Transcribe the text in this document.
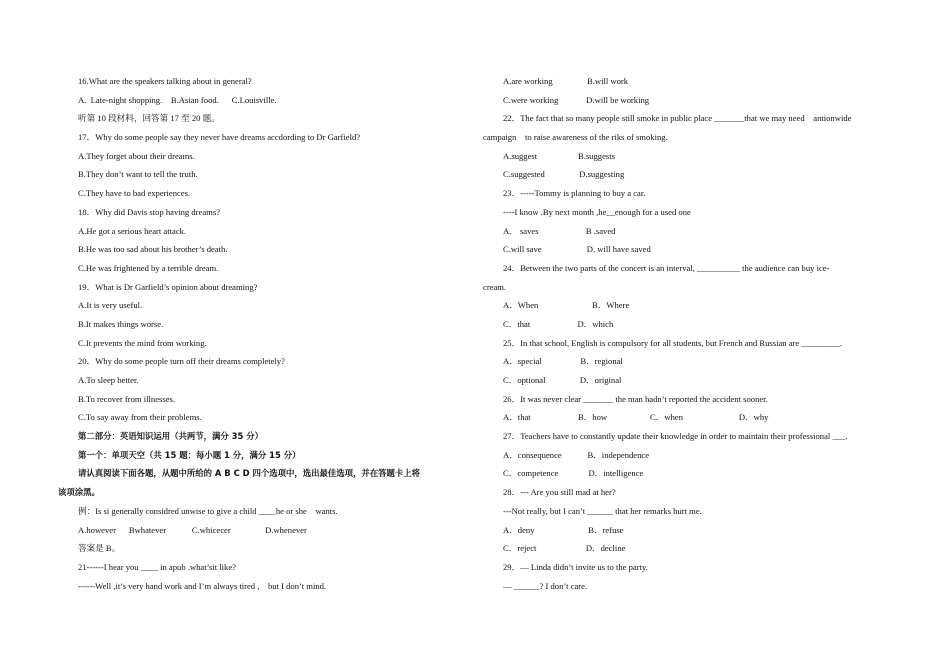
16.What are the speakers talking about in general?
A.  Late-night shopping.    B.Asian food.      C.Louisville.
听第 10 段材料，回答第 17 至 20 题。
17．Why do some people say they never have dreams accdording to Dr Garfield?
A.They forget about their dreams.
B.They don’t want to tell the truth.
C.They have to bad experiences.
18．Why did Davis stop having dreams?
A.He got a serious heart attack.
B.He was too sad about his brother’s death.
C.He was frightened by a terrible dream.
19．What is Dr Garfield’s opinion about dreaming?
A.It is very useful.
B.It makes things worse.
C.It prevents the mind from working.
20．Why do some people turn off their dreams completely?
A.To sleep better.
B.To recover from illnesses.
C.To say away from their problems.
第二部分：英语知识运用（共两节，满分 35 分）
第一个：单项天空（共 15 题：每小题 1 分，满分 15 分）
请认真阅读下面各题，从题中所给的 A B C D 四个选项中，选出最佳选项，并在答题卡上将
该项涂黑。
例：Is si generally considred unwise to give a child ____he or she    wants.
A.however      Bwhatever            C.whicecer                D.whenever
答案是 B。
21------I hear you ____ in apub .what’sit like?
------Well ,it’s very hand work and I’m always tired ,    but I don’t mind.
A.are working                B.will work
C.were working             D.will be working
22．The fact that so many people still smoke in public place _______that we may need    antionwide
campaign    to raise awareness of the riks of smoking.
A.suggest                   B.suggests
C.suggested                D.suggesting
23．-----Tommy is planning to buy a car.
----I know .By next month ,he__enough for a used one
A.    saves                      B .saved
C.will save                     D. will have saved
24．Between the two parts of the concert is an interval, __________ the audience can buy ice-
cream.
A．When                         B．Where
C．that                      D．which
25．In that school, English is compulsory for all students, but French and Russian are _________.
A．special                  B．regional
C．optional                D．original
26．It was never clear _______ the man hadn’t reported the accident sooner.
A．that                      B．how                    C．when                          D．why
27．Teachers have to constantly update their knowledge in order to maintain their professional ___.
A．consequence            B．independence
C．competence              D．intelligence
28．--- Are you still mad at her?
---Not really, but I can’t ______ that her remarks hurt me.
A．deny                         B．refuse
C．reject                       D．decline
29．— Linda didn’t invite us to the party.
— ______? I don’t care.
